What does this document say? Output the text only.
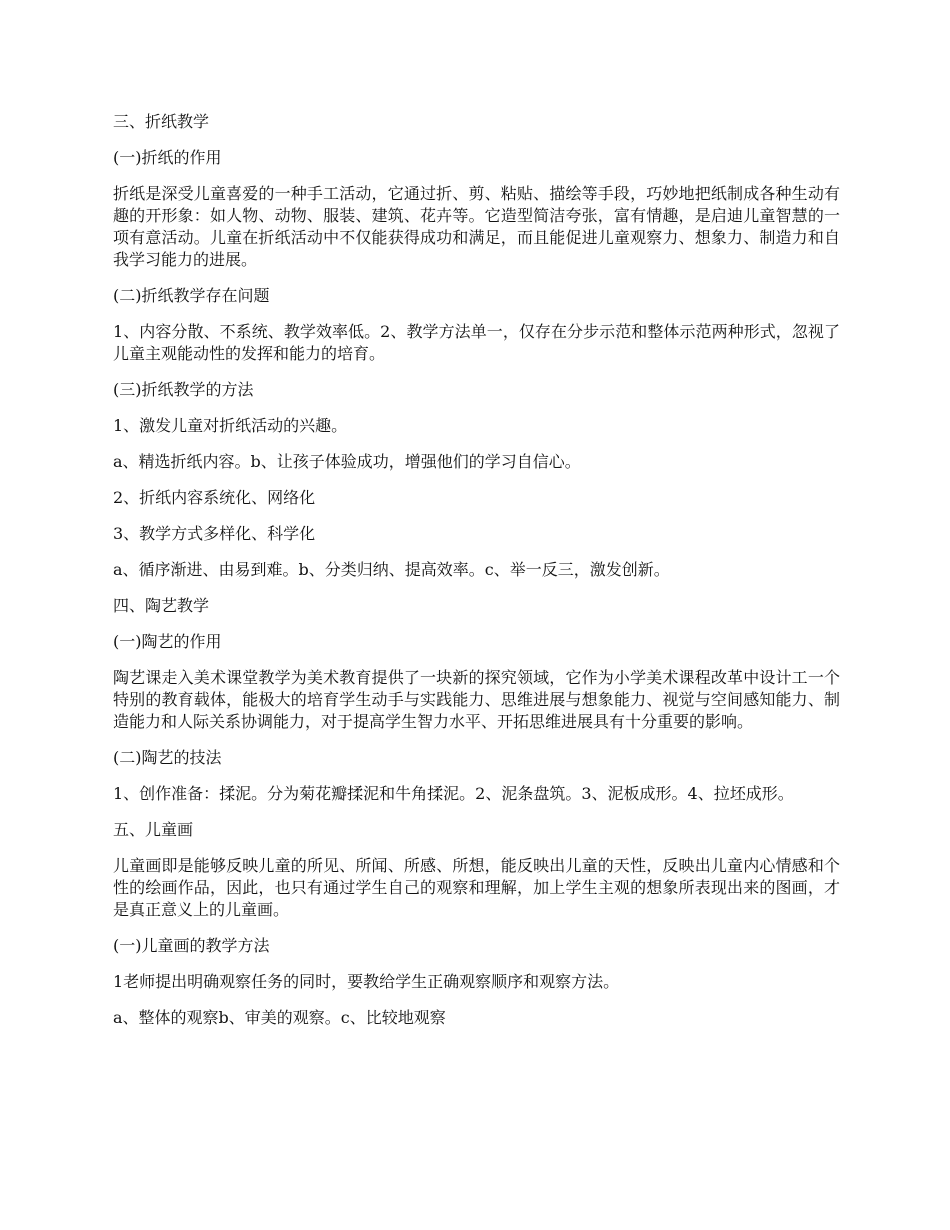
三、折纸教学

(一)折纸的作用

折纸是深受儿童喜爱的一种手工活动，它通过折、剪、粘贴、描绘等手段，巧妙地把纸制成各种生动有趣的开形象：如人物、动物、服装、建筑、花卉等。它造型简洁夸张，富有情趣，是启迪儿童智慧的一项有意活动。儿童在折纸活动中不仅能获得成功和满足，而且能促进儿童观察力、想象力、制造力和自我学习能力的进展。

(二)折纸教学存在问题

1、内容分散、不系统、教学效率低。2、教学方法单一，仅存在分步示范和整体示范两种形式，忽视了儿童主观能动性的发挥和能力的培育。

(三)折纸教学的方法

1、激发儿童对折纸活动的兴趣。

a、精选折纸内容。b、让孩子体验成功，增强他们的学习自信心。

2、折纸内容系统化、网络化

3、教学方式多样化、科学化

a、循序渐进、由易到难。b、分类归纳、提高效率。c、举一反三，激发创新。

四、陶艺教学

(一)陶艺的作用

陶艺课走入美术课堂教学为美术教育提供了一块新的探究领域，它作为小学美术课程改革中设计工一个特别的教育载体，能极大的培育学生动手与实践能力、思维进展与想象能力、视觉与空间感知能力、制造能力和人际关系协调能力，对于提高学生智力水平、开拓思维进展具有十分重要的影响。

(二)陶艺的技法

1、创作准备：揉泥。分为菊花瓣揉泥和牛角揉泥。2、泥条盘筑。3、泥板成形。4、拉坯成形。

五、儿童画

儿童画即是能够反映儿童的所见、所闻、所感、所想，能反映出儿童的天性，反映出儿童内心情感和个性的绘画作品，因此，也只有通过学生自己的观察和理解，加上学生主观的想象所表现出来的图画，才是真正意义上的儿童画。

(一)儿童画的教学方法

1老师提出明确观察任务的同时，要教给学生正确观察顺序和观察方法。

a、整体的观察b、审美的观察。c、比较地观察
